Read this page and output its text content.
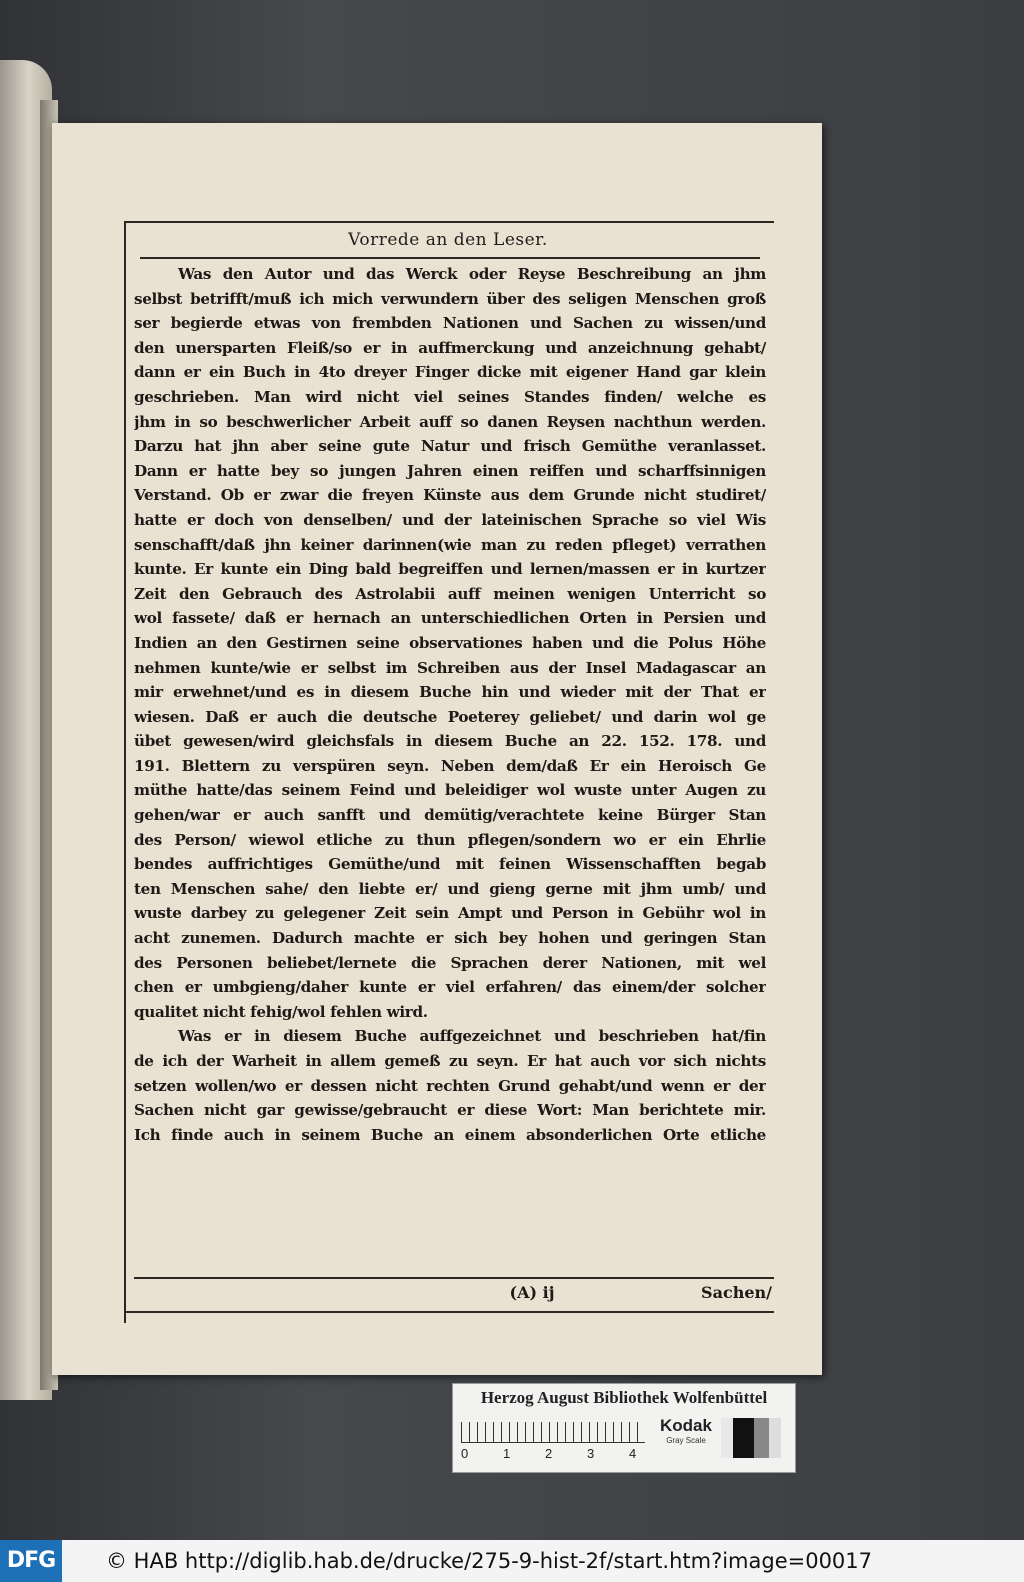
Vorrede an den Leser.
Was den Autor und das Werck oder Reyse Beschreibung an jhm
selbst betrifft/muß ich mich verwundern über des seligen Menschen groß
ser begierde etwas von frembden Nationen und Sachen zu wissen/und
den unersparten Fleiß/so er in auffmerckung und anzeichnung gehabt/
dann er ein Buch in 4to dreyer Finger dicke mit eigener Hand gar klein
geschrieben. Man wird nicht viel seines Standes finden/ welche es
jhm in so beschwerlicher Arbeit auff so danen Reysen nachthun werden.
Darzu hat jhn aber seine gute Natur und frisch Gemüthe veranlasset.
Dann er hatte bey so jungen Jahren einen reiffen und scharffsinnigen
Verstand. Ob er zwar die freyen Künste aus dem Grunde nicht studiret/
hatte er doch von denselben/ und der lateinischen Sprache so viel Wis
senschafft/daß jhn keiner darinnen(wie man zu reden pfleget) verrathen
kunte. Er kunte ein Ding bald begreiffen und lernen/massen er in kurtzer
Zeit den Gebrauch des Astrolabii auff meinen wenigen Unterricht so
wol fassete/ daß er hernach an unterschiedlichen Orten in Persien und
Indien an den Gestirnen seine observationes haben und die Polus Höhe
nehmen kunte/wie er selbst im Schreiben aus der Insel Madagascar an
mir erwehnet/und es in diesem Buche hin und wieder mit der That er
wiesen. Daß er auch die deutsche Poeterey geliebet/ und darin wol ge
übet gewesen/wird gleichsfals in diesem Buche an 22. 152. 178. und
191. Blettern zu verspüren seyn. Neben dem/daß Er ein Heroisch Ge
müthe hatte/das seinem Feind und beleidiger wol wuste unter Augen zu
gehen/war er auch sanfft und demütig/verachtete keine Bürger Stan
des Person/ wiewol etliche zu thun pflegen/sondern wo er ein Ehrlie
bendes auffrichtiges Gemüthe/und mit feinen Wissenschafften begab
ten Menschen sahe/ den liebte er/ und gieng gerne mit jhm umb/ und
wuste darbey zu gelegener Zeit sein Ampt und Person in Gebühr wol in
acht zunemen. Dadurch machte er sich bey hohen und geringen Stan
des Personen beliebet/lernete die Sprachen derer Nationen, mit wel
chen er umbgieng/daher kunte er viel erfahren/ das einem/der solcher
qualitet nicht fehig/wol fehlen wird.
Was er in diesem Buche auffgezeichnet und beschrieben hat/fin
de ich der Warheit in allem gemeß zu seyn. Er hat auch vor sich nichts
setzen wollen/wo er dessen nicht rechten Grund gehabt/und wenn er der
Sachen nicht gar gewisse/gebraucht er diese Wort: Man berichtete mir.
Ich finde auch in seinem Buche an einem absonderlichen Orte etliche
(A) ij	Sachen/
Herzog August Bibliothek Wolfenbüttel
0	1	2	3	4
Kodak
Gray Scale
DFG	© HAB http://diglib.hab.de/drucke/275-9-hist-2f/start.htm?image=00017
